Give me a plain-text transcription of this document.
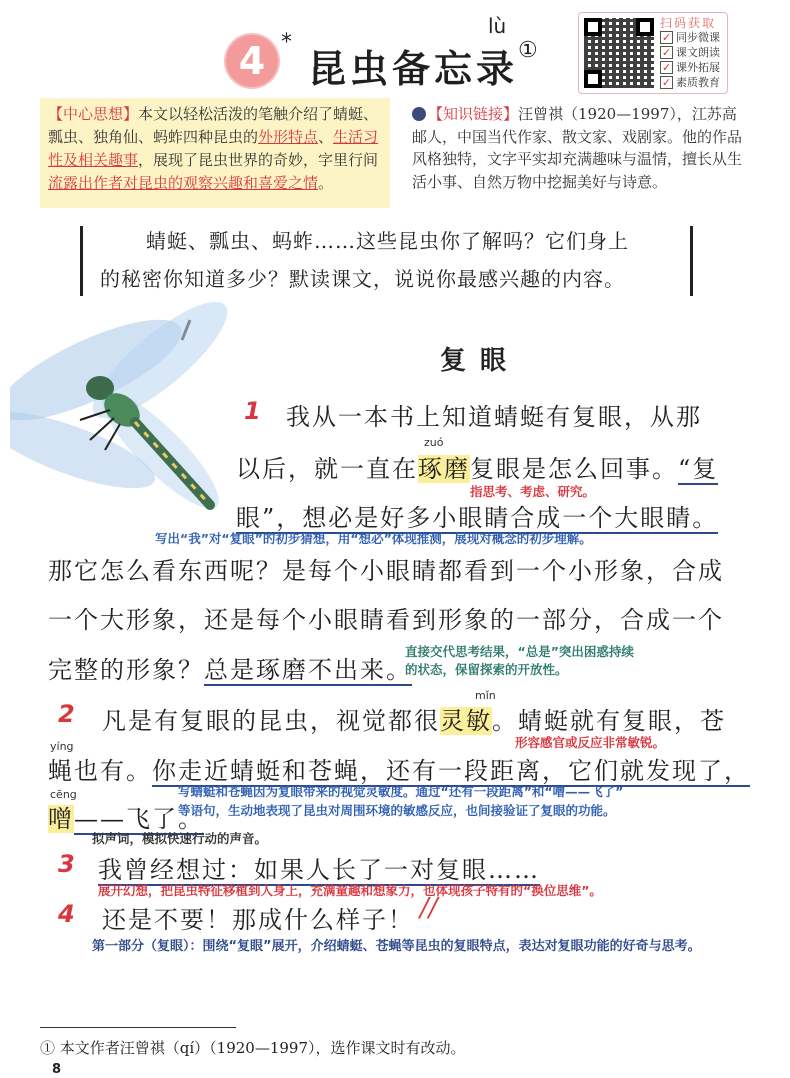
4 *
昆虫备忘录
lù
①
扫码获取
✓ 同步微课
✓ 课文朗读
✓ 课外拓展
✓ 素质教育
【中心思想】本文以轻松活泼的笔触介绍了蜻蜓、瓢虫、独角仙、蚂蚱四种昆虫的外形特点、生活习性及相关趣事，展现了昆虫世界的奇妙，字里行间流露出作者对昆虫的观察兴趣和喜爱之情。
【知识链接】汪曾祺（1920—1997），江苏高邮人，中国当代作家、散文家、戏剧家。他的作品风格独特，文字平实却充满趣味与温情，擅长从生活小事、自然万物中挖掘美好与诗意。
蜻蜓、瓢虫、蚂蚱……这些昆虫你了解吗？它们身上
的秘密你知道多少？默读课文，说说你最感兴趣的内容。
复眼
1 我从一本书上知道蜻蜓有复眼，从那
zuó
以后，就一直在琢磨复眼是怎么回事。“复
指思考、考虑、研究。
眼”，想必是好多小眼睛合成一个大眼睛。
写出“我”对“复眼”的初步猜想，用“想必”体现推测，展现对概念的初步理解。
那它怎么看东西呢？是每个小眼睛都看到一个小形象，合成
一个大形象，还是每个小眼睛看到形象的一部分，合成一个
完整的形象？总是琢磨不出来。
直接交代思考结果，“总是”突出困惑持续
的状态，保留探索的开放性。
2
mǐn
凡是有复眼的昆虫，视觉都很灵敏。蜻蜓就有复眼，苍
形容感官或反应非常敏锐。
yíng
蝇也有。你走近蜻蜓和苍蝇，还有一段距离，它们就发现了，
写蜻蜓和苍蝇因为复眼带来的视觉灵敏度。通过“还有一段距离”和“噌——飞了”
等语句，生动地表现了昆虫对周围环境的敏感反应，也间接验证了复眼的功能。
cēng
噌——飞了。
拟声词，模拟快速行动的声音。
3 我曾经想过：如果人长了一对复眼……
展开幻想，把昆虫特征移植到人身上，充满童趣和想象力，也体现孩子特有的“换位思维”。
4 还是不要！那成什么样子！ //
第一部分（复眼）：围绕“复眼”展开，介绍蜻蜓、苍蝇等昆虫的复眼特点，表达对复眼功能的好奇与思考。
① 本文作者汪曾祺（qí）（1920—1997），选作课文时有改动。
8
